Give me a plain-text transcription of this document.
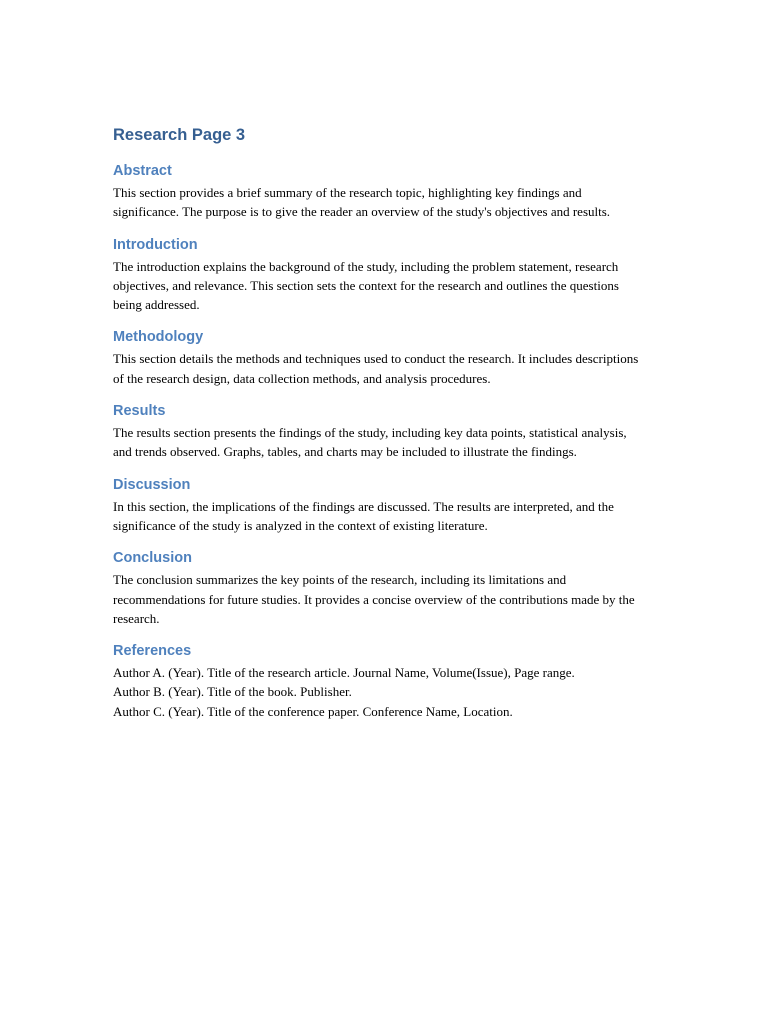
Research Page 3
Abstract

This section provides a brief summary of the research topic, highlighting key findings and significance. The purpose is to give the reader an overview of the study's objectives and results.

Introduction

The introduction explains the background of the study, including the problem statement, research objectives, and relevance. This section sets the context for the research and outlines the questions being addressed.

Methodology

This section details the methods and techniques used to conduct the research. It includes descriptions of the research design, data collection methods, and analysis procedures.

Results

The results section presents the findings of the study, including key data points, statistical analysis, and trends observed. Graphs, tables, and charts may be included to illustrate the findings.

Discussion

In this section, the implications of the findings are discussed. The results are interpreted, and the significance of the study is analyzed in the context of existing literature.

Conclusion

The conclusion summarizes the key points of the research, including its limitations and recommendations for future studies. It provides a concise overview of the contributions made by the research.

References
Author A. (Year). Title of the research article. Journal Name, Volume(Issue), Page range.
Author B. (Year). Title of the book. Publisher.
Author C. (Year). Title of the conference paper. Conference Name, Location.
